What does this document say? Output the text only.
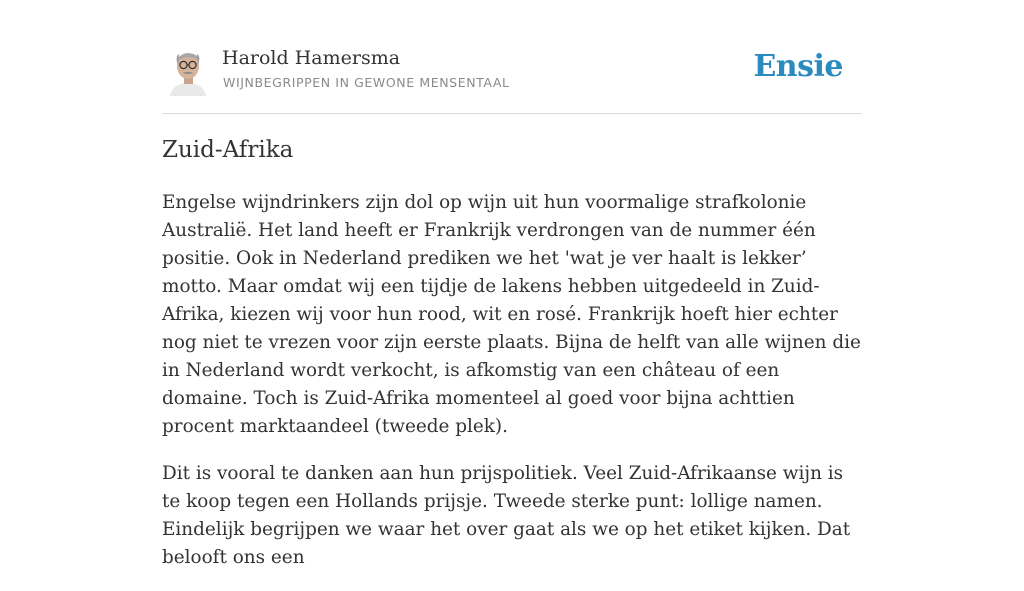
Harold Hamersma
WIJNBEGRIPPEN IN GEWONE MENSENTAAL	Ensie
Zuid-Afrika

Engelse wijndrinkers zijn dol op wijn uit hun voormalige strafkolonie Australië. Het land heeft er Frankrijk verdrongen van de nummer één positie. Ook in Nederland prediken we het 'wat je ver haalt is lekker’ motto. Maar omdat wij een tijdje de lakens hebben uitgedeeld in Zuid-Afrika, kiezen wij voor hun rood, wit en rosé. Frankrijk hoeft hier echter nog niet te vrezen voor zijn eerste plaats. Bijna de helft van alle wijnen die in Nederland wordt verkocht, is afkomstig van een château of een domaine. Toch is Zuid-Afrika momenteel al goed voor bijna achttien procent marktaandeel (tweede plek).

Dit is vooral te danken aan hun prijspolitiek. Veel Zuid-Afrikaanse wijn is te koop tegen een Hollands prijsje. Tweede sterke punt: lollige namen. Eindelijk begrijpen we waar het over gaat als we op het etiket kijken. Dat belooft ons een
